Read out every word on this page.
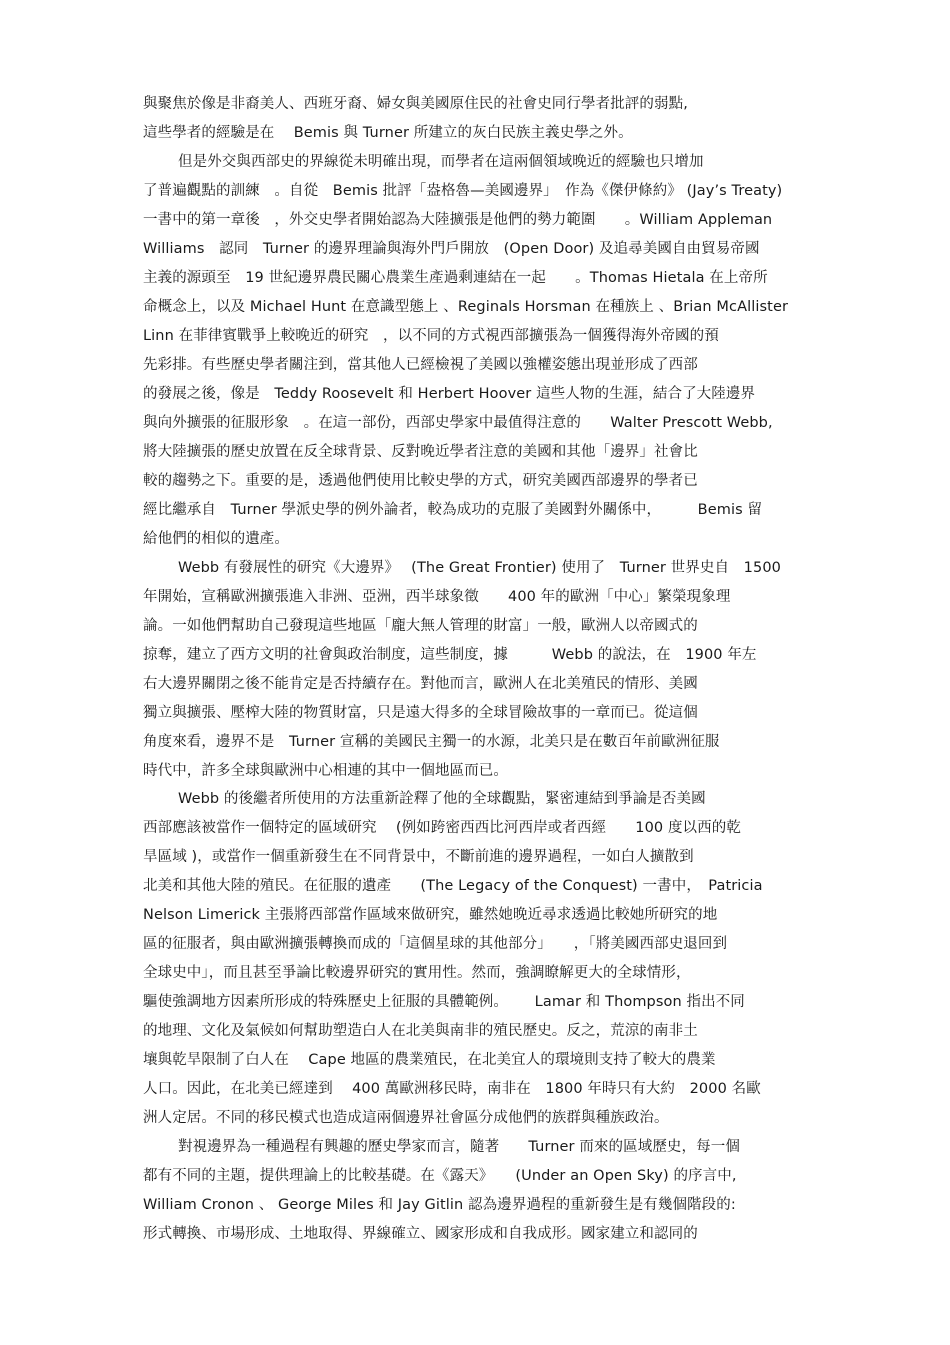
與聚焦於像是非裔美人、西班牙裔、婦女與美國原住民的社會史同行學者批評的弱點,
這些學者的經驗是在　 Bemis 與 Turner 所建立的灰白民族主義史學之外。
但是外交與西部史的界線從未明確出現，而學者在這兩個領域晚近的經驗也只增加
了普遍觀點的訓練　。自從　Bemis 批評「盎格魯—美國邊界」　作為《傑伊條約》 (Jay’s Treaty)
一書中的第一章後　，外交史學者開始認為大陸擴張是他們的勢力範圍　　。William Appleman
Williams　認同　Turner 的邊界理論與海外門戶開放　(Open Door) 及追尋美國自由貿易帝國
主義的源頭至　19 世紀邊界農民關心農業生產過剩連結在一起　　。Thomas Hietala 在上帝所
命概念上，以及 Michael Hunt 在意識型態上 、Reginals Horsman 在種族上 、Brian McAllister
Linn 在菲律賓戰爭上較晚近的研究　，以不同的方式視西部擴張為一個獲得海外帝國的預
先彩排。有些歷史學者關注到，當其他人已經檢視了美國以強權姿態出現並形成了西部
的發展之後，像是　Teddy Roosevelt 和 Herbert Hoover 這些人物的生涯，結合了大陸邊界
與向外擴張的征服形象　。在這一部份，西部史學家中最值得注意的　　Walter Prescott Webb,
將大陸擴張的歷史放置在反全球背景、反對晚近學者注意的美國和其他「邊界」社會比
較的趨勢之下。重要的是，透過他們使用比較史學的方式，研究美國西部邊界的學者已
經比繼承自　Turner 學派史學的例外論者，較為成功的克服了美國對外關係中，　　　Bemis 留
給他們的相似的遺產。
Webb 有發展性的研究《大邊界》　 (The Great Frontier) 使用了　Turner 世界史自　1500
年開始，宣稱歐洲擴張進入非洲、亞洲，西半球象徵　　400 年的歐洲「中心」繁榮現象理
論。一如他們幫助自己發現這些地區「龐大無人管理的財富」一般，歐洲人以帝國式的
掠奪，建立了西方文明的社會與政治制度，這些制度，據　　　Webb 的說法，在　1900 年左
右大邊界關閉之後不能肯定是否持續存在。對他而言，歐洲人在北美殖民的情形、美國
獨立與擴張、壓榨大陸的物質財富，只是遠大得多的全球冒險故事的一章而已。從這個
角度來看，邊界不是　Turner 宣稱的美國民主獨一的水源，北美只是在數百年前歐洲征服
時代中，許多全球與歐洲中心相連的其中一個地區而已。
Webb 的後繼者所使用的方法重新詮釋了他的全球觀點，緊密連結到爭論是否美國
西部應該被當作一個特定的區域研究　 (例如跨密西西比河西岸或者西經　　100 度以西的乾
旱區域 )，或當作一個重新發生在不同背景中，不斷前進的邊界過程，一如白人擴散到
北美和其他大陸的殖民。在征服的遺產　　(The Legacy of the Conquest) 一書中，　Patricia
Nelson Limerick 主張將西部當作區域來做研究，雖然她晚近尋求透過比較她所研究的地
區的征服者，與由歐洲擴張轉換而成的「這個星球的其他部分」　　，「將美國西部史退回到
全球史中」，而且甚至爭論比較邊界研究的實用性。然而，強調瞭解更大的全球情形，
驅使強調地方因素所形成的特殊歷史上征服的具體範例。　　 Lamar 和 Thompson 指出不同
的地理、文化及氣候如何幫助塑造白人在北美與南非的殖民歷史。反之，荒涼的南非土
壤與乾旱限制了白人在　 Cape 地區的農業殖民，在北美宜人的環境則支持了較大的農業
人口。因此，在北美已經達到　 400 萬歐洲移民時，南非在　1800 年時只有大約　2000 名歐
洲人定居。不同的移民模式也造成這兩個邊界社會區分成他們的族群與種族政治。
對視邊界為一種過程有興趣的歷史學家而言，隨著　　Turner 而來的區域歷史，每一個
都有不同的主題，提供理論上的比較基礎。在《露天》　　(Under an Open Sky) 的序言中,
William Cronon 、 George Miles 和 Jay Gitlin 認為邊界過程的重新發生是有幾個階段的:
形式轉換、市場形成、土地取得、界線確立、國家形成和自我成形。國家建立和認同的
